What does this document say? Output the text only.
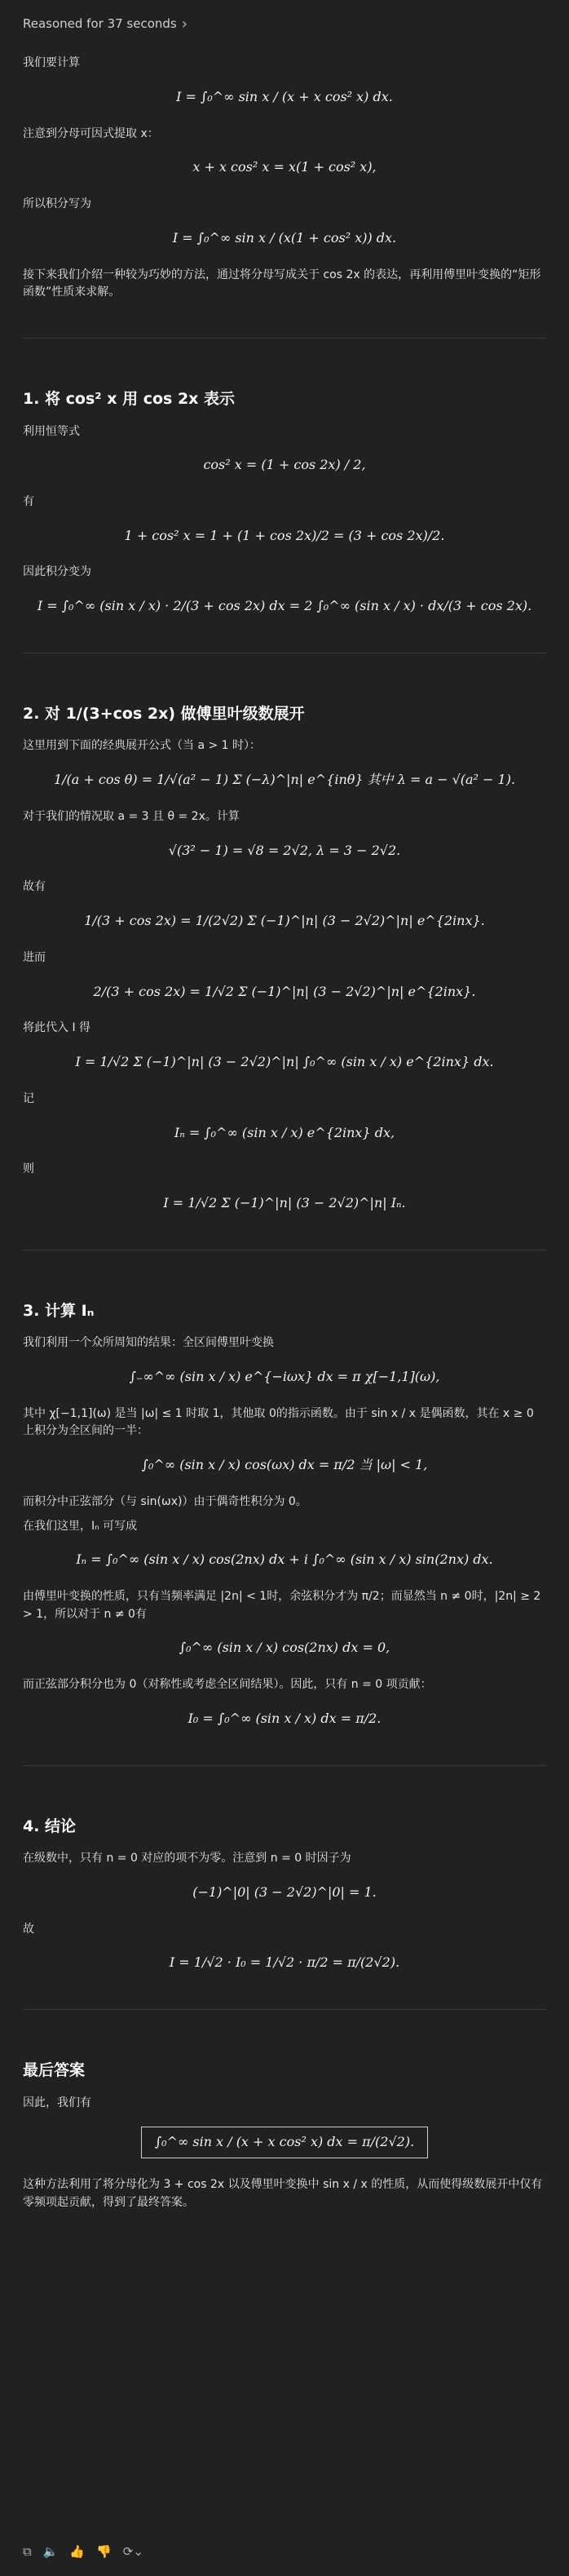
Reasoned for 37 seconds ›

我们要计算

I = ∫₀^∞ sin x / (x + x cos² x) dx.

注意到分母可因式提取 x：

x + x cos² x = x(1 + cos² x),

所以积分写为

I = ∫₀^∞ sin x / (x(1 + cos² x)) dx.

接下来我们介绍一种较为巧妙的方法，通过将分母写成关于 cos 2x 的表达，再利用傅里叶变换的“矩形函数”性质来求解。

1. 将 cos² x 用 cos 2x 表示

利用恒等式

cos² x = (1 + cos 2x) / 2,

有

1 + cos² x = 1 + (1 + cos 2x)/2 = (3 + cos 2x)/2.

因此积分变为

I = ∫₀^∞ (sin x / x) · 2/(3 + cos 2x) dx = 2 ∫₀^∞ (sin x / x) · dx/(3 + cos 2x).
2. 对 1/(3+cos 2x) 做傅里叶级数展开

这里用到下面的经典展开公式（当 a > 1 时）：

1/(a + cos θ) = 1/√(a² − 1) Σ (−λ)^|n| e^{inθ} 其中 λ = a − √(a² − 1).

对于我们的情况取 a = 3 且 θ = 2x。计算

√(3² − 1) = √8 = 2√2, λ = 3 − 2√2.

故有

1/(3 + cos 2x) = 1/(2√2) Σ (−1)^|n| (3 − 2√2)^|n| e^{2inx}.

进而

2/(3 + cos 2x) = 1/√2 Σ (−1)^|n| (3 − 2√2)^|n| e^{2inx}.

将此代入 I 得

I = 1/√2 Σ (−1)^|n| (3 − 2√2)^|n| ∫₀^∞ (sin x / x) e^{2inx} dx.

记

Iₙ = ∫₀^∞ (sin x / x) e^{2inx} dx,

则

I = 1/√2 Σ (−1)^|n| (3 − 2√2)^|n| Iₙ.
3. 计算 Iₙ

我们利用一个众所周知的结果：全区间傅里叶变换

∫₋∞^∞ (sin x / x) e^{−iωx} dx = π χ[−1,1](ω),

其中 χ[−1,1](ω) 是当 |ω| ≤ 1 时取 1，其他取 0的指示函数。由于 sin x / x 是偶函数，其在 x ≥ 0 上积分为全区间的一半：

∫₀^∞ (sin x / x) cos(ωx) dx = π/2 当 |ω| < 1,

而积分中正弦部分（与 sin(ωx)）由于偶奇性积分为 0。

在我们这里，Iₙ 可写成

Iₙ = ∫₀^∞ (sin x / x) cos(2nx) dx + i ∫₀^∞ (sin x / x) sin(2nx) dx.

由傅里叶变换的性质，只有当频率满足 |2n| < 1时，余弦积分才为 π/2；而显然当 n ≠ 0时，|2n| ≥ 2 > 1，所以对于 n ≠ 0有

∫₀^∞ (sin x / x) cos(2nx) dx = 0,

而正弦部分积分也为 0（对称性或考虑全区间结果）。因此，只有 n = 0 项贡献：

I₀ = ∫₀^∞ (sin x / x) dx = π/2.
4. 结论

在级数中，只有 n = 0 对应的项不为零。注意到 n = 0 时因子为

(−1)^|0| (3 − 2√2)^|0| = 1.

故

I = 1/√2 · I₀ = 1/√2 · π/2 = π/(2√2).
最后答案

因此，我们有

∫₀^∞ sin x / (x + x cos² x) dx = π/(2√2).

这种方法利用了将分母化为 3 + cos 2x 以及傅里叶变换中 sin x / x 的性质，从而使得级数展开中仅有零频项起贡献，得到了最终答案。

⧉ 🔈 👍 👎 ⟳⌄
